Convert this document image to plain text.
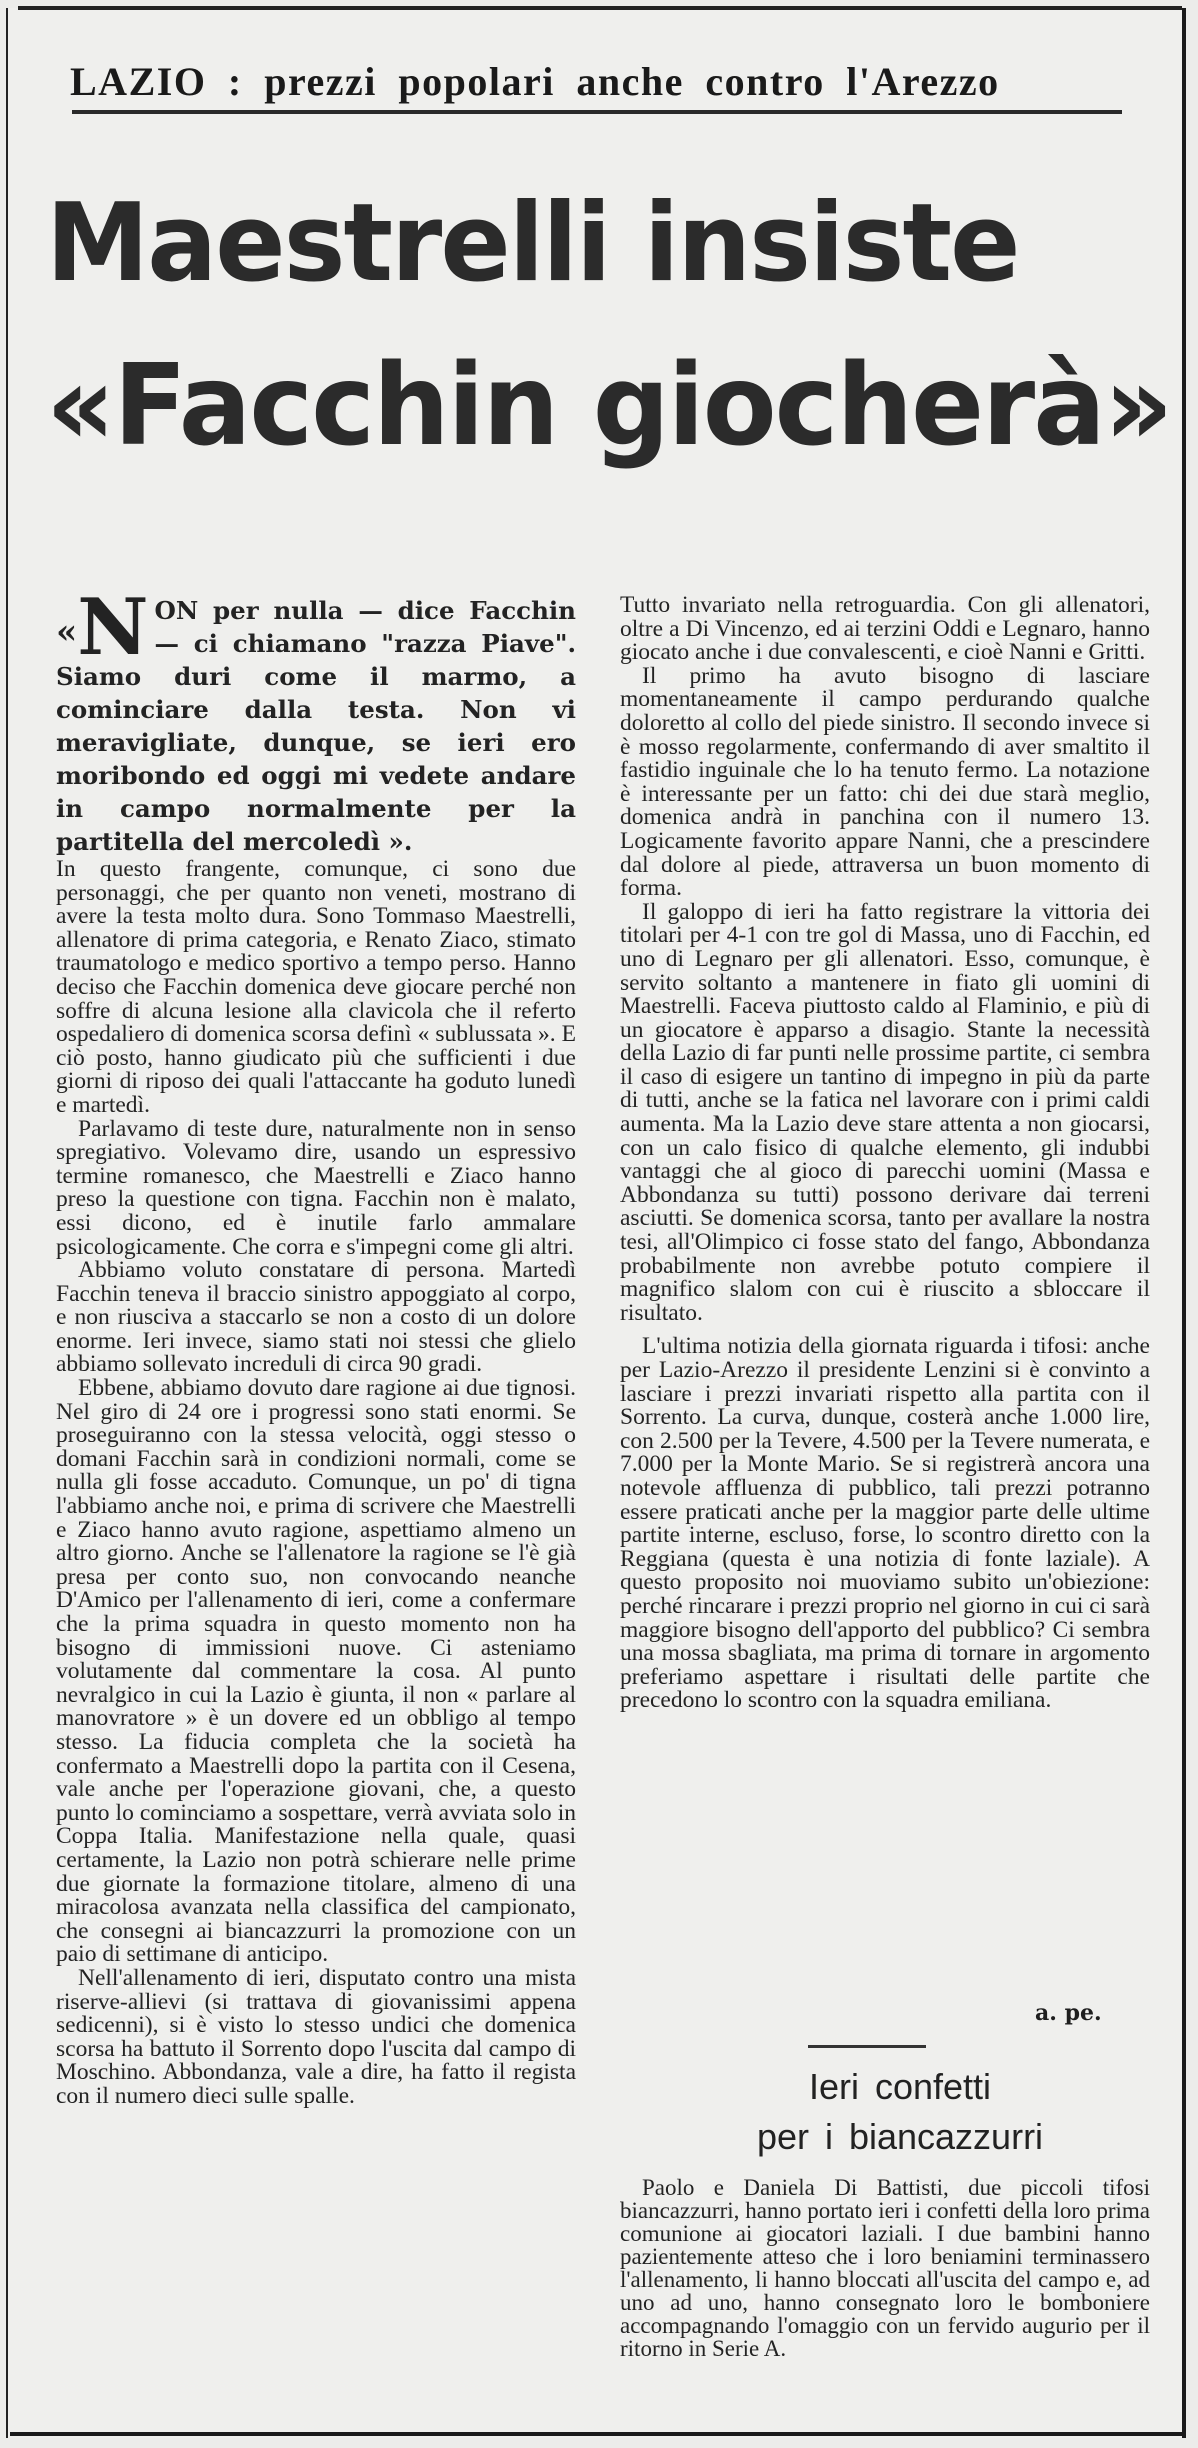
LAZIO : prezzi popolari anche contro l'Arezzo
Maestrelli insiste
«Facchin giocherà»

« N ON per nulla — dice Facchin — ci chiamano "razza Piave". Siamo duri come il marmo, a cominciare dalla testa. Non vi meravigliate, dunque, se ieri ero moribondo ed oggi mi vedete andare in campo normalmente per la partitella del mercoledì ».

In questo frangente, comunque, ci sono due personaggi, che per quanto non veneti, mostrano di avere la testa molto dura. Sono Tommaso Maestrelli, allenatore di prima categoria, e Renato Ziaco, stimato traumatologo e medico sportivo a tempo perso. Hanno deciso che Facchin domenica deve giocare perché non soffre di alcuna lesione alla clavicola che il referto ospedaliero di domenica scorsa definì « sublussata ». E ciò posto, hanno giudicato più che sufficienti i due giorni di riposo dei quali l'attaccante ha goduto lunedì e martedì.

Parlavamo di teste dure, naturalmente non in senso spregiativo. Volevamo dire, usando un espressivo termine romanesco, che Maestrelli e Ziaco hanno preso la questione con tigna. Facchin non è malato, essi dicono, ed è inutile farlo ammalare psicologicamente. Che corra e s'impegni come gli altri.

Abbiamo voluto constatare di persona. Martedì Facchin teneva il braccio sinistro appoggiato al corpo, e non riusciva a staccarlo se non a costo di un dolore enorme. Ieri invece, siamo stati noi stessi che glielo abbiamo sollevato increduli di circa 90 gradi.

Ebbene, abbiamo dovuto dare ragione ai due tignosi. Nel giro di 24 ore i progressi sono stati enormi. Se proseguiranno con la stessa velocità, oggi stesso o domani Facchin sarà in condizioni normali, come se nulla gli fosse accaduto. Comunque, un po' di tigna l'abbiamo anche noi, e prima di scrivere che Maestrelli e Ziaco hanno avuto ragione, aspettiamo almeno un altro giorno. Anche se l'allenatore la ragione se l'è già presa per conto suo, non convocando neanche D'Amico per l'allenamento di ieri, come a confermare che la prima squadra in questo momento non ha bisogno di immissioni nuove. Ci asteniamo volutamente dal commentare la cosa. Al punto nevralgico in cui la Lazio è giunta, il non « parlare al manovratore » è un dovere ed un obbligo al tempo stesso. La fiducia completa che la società ha confermato a Maestrelli dopo la partita con il Cesena, vale anche per l'operazione giovani, che, a questo punto lo cominciamo a sospettare, verrà avviata solo in Coppa Italia. Manifestazione nella quale, quasi certamente, la Lazio non potrà schierare nelle prime due giornate la formazione titolare, almeno di una miracolosa avanzata nella classifica del campionato, che consegni ai biancazzurri la promozione con un paio di settimane di anticipo.

Nell'allenamento di ieri, disputato contro una mista riserve-allievi (si trattava di giovanissimi appena sedicenni), si è visto lo stesso undici che domenica scorsa ha battuto il Sorrento dopo l'uscita dal campo di Moschino. Abbondanza, vale a dire, ha fatto il regista con il numero dieci sulle spalle.

Tutto invariato nella retroguardia. Con gli allenatori, oltre a Di Vincenzo, ed ai terzini Oddi e Legnaro, hanno giocato anche i due convalescenti, e cioè Nanni e Gritti.

Il primo ha avuto bisogno di lasciare momentaneamente il campo perdurando qualche doloretto al collo del piede sinistro. Il secondo invece si è mosso regolarmente, confermando di aver smaltito il fastidio inguinale che lo ha tenuto fermo. La notazione è interessante per un fatto: chi dei due starà meglio, domenica andrà in panchina con il numero 13. Logicamente favorito appare Nanni, che a prescindere dal dolore al piede, attraversa un buon momento di forma.

Il galoppo di ieri ha fatto registrare la vittoria dei titolari per 4-1 con tre gol di Massa, uno di Facchin, ed uno di Legnaro per gli allenatori. Esso, comunque, è servito soltanto a mantenere in fiato gli uomini di Maestrelli. Faceva piuttosto caldo al Flaminio, e più di un giocatore è apparso a disagio. Stante la necessità della Lazio di far punti nelle prossime partite, ci sembra il caso di esigere un tantino di impegno in più da parte di tutti, anche se la fatica nel lavorare con i primi caldi aumenta. Ma la Lazio deve stare attenta a non giocarsi, con un calo fisico di qualche elemento, gli indubbi vantaggi che al gioco di parecchi uomini (Massa e Abbondanza su tutti) possono derivare dai terreni asciutti. Se domenica scorsa, tanto per avallare la nostra tesi, all'Olimpico ci fosse stato del fango, Abbondanza probabilmente non avrebbe potuto compiere il magnifico slalom con cui è riuscito a sbloccare il risultato.

L'ultima notizia della giornata riguarda i tifosi: anche per Lazio-Arezzo il presidente Lenzini si è convinto a lasciare i prezzi invariati rispetto alla partita con il Sorrento. La curva, dunque, costerà anche 1.000 lire, con 2.500 per la Tevere, 4.500 per la Tevere numerata, e 7.000 per la Monte Mario. Se si registrerà ancora una notevole affluenza di pubblico, tali prezzi potranno essere praticati anche per la maggior parte delle ultime partite interne, escluso, forse, lo scontro diretto con la Reggiana (questa è una notizia di fonte laziale). A questo proposito noi muoviamo subito un'obiezione: perché rincarare i prezzi proprio nel giorno in cui ci sarà maggiore bisogno dell'apporto del pubblico? Ci sembra una mossa sbagliata, ma prima di tornare in argomento preferiamo aspettare i risultati delle partite che precedono lo scontro con la squadra emiliana.

a. pe.
Ieri confetti
per i biancazzurri

Paolo e Daniela Di Battisti, due piccoli tifosi biancazzurri, hanno portato ieri i confetti della loro prima comunione ai giocatori laziali. I due bambini hanno pazientemente atteso che i loro beniamini terminassero l'allenamento, li hanno bloccati all'uscita del campo e, ad uno ad uno, hanno consegnato loro le bomboniere accompagnando l'omaggio con un fervido augurio per il ritorno in Serie A.
